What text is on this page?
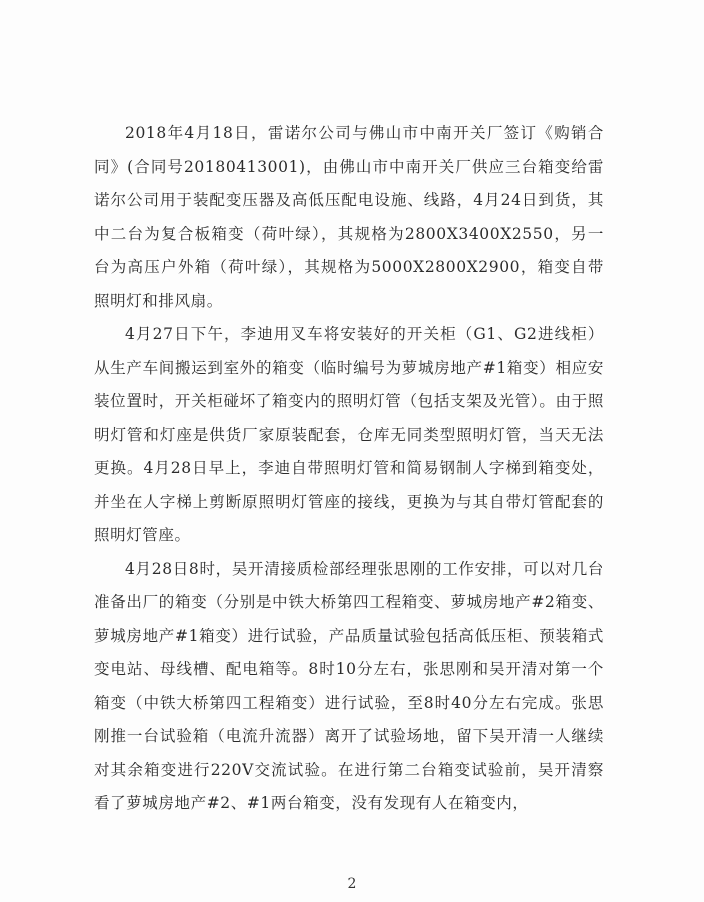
2018年4月18日，雷诺尔公司与佛山市中南开关厂签订《购销合同》(合同号20180413001)，由佛山市中南开关厂供应三台箱变给雷诺尔公司用于装配变压器及高低压配电设施、线路，4月24日到货，其中二台为复合板箱变（荷叶绿），其规格为2800X3400X2550，另一台为高压户外箱（荷叶绿），其规格为5000X2800X2900，箱变自带照明灯和排风扇。

4月27日下午，李迪用叉车将安装好的开关柜（G1、G2进线柜）从生产车间搬运到室外的箱变（临时编号为萝城房地产#1箱变）相应安装位置时，开关柜碰坏了箱变内的照明灯管（包括支架及光管）。由于照明灯管和灯座是供货厂家原装配套，仓库无同类型照明灯管，当天无法更换。4月28日早上，李迪自带照明灯管和简易钢制人字梯到箱变处，并坐在人字梯上剪断原照明灯管座的接线，更换为与其自带灯管配套的照明灯管座。

4月28日8时，吴开清接质检部经理张思刚的工作安排，可以对几台准备出厂的箱变（分别是中铁大桥第四工程箱变、萝城房地产#2箱变、萝城房地产#1箱变）进行试验，产品质量试验包括高低压柜、预装箱式变电站、母线槽、配电箱等。8时10分左右，张思刚和吴开清对第一个箱变（中铁大桥第四工程箱变）进行试验，至8时40分左右完成。张思刚推一台试验箱（电流升流器）离开了试验场地，留下吴开清一人继续对其余箱变进行220V交流试验。在进行第二台箱变试验前，吴开清察看了萝城房地产#2、#1两台箱变，没有发现有人在箱变内，

2
